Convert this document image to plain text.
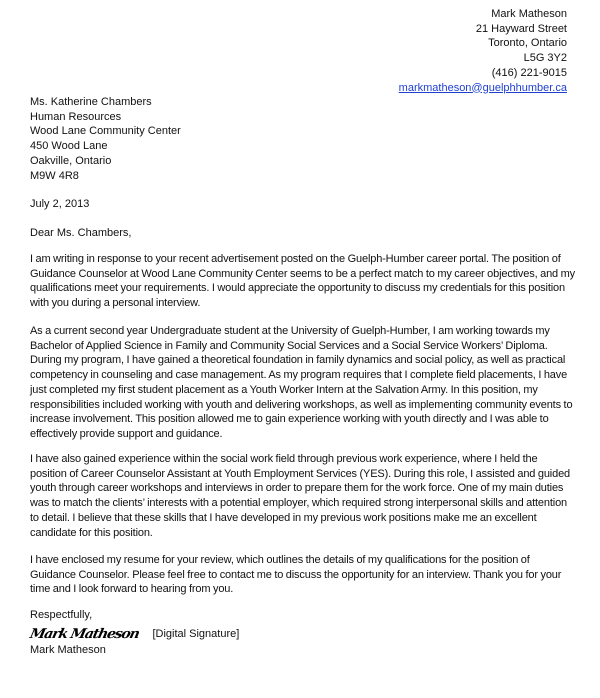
Mark Matheson
21 Hayward Street
Toronto, Ontario
L5G 3Y2
(416) 221-9015
markmatheson@guelphhumber.ca
Ms. Katherine Chambers
Human Resources
Wood Lane Community Center
450 Wood Lane
Oakville, Ontario
M9W 4R8
July 2, 2013
Dear Ms. Chambers,
I am writing in response to your recent advertisement posted on the Guelph-Humber career portal. The position of Guidance Counselor at Wood Lane Community Center seems to be a perfect match to my career objectives, and my qualifications meet your requirements. I would appreciate the opportunity to discuss my credentials for this position with you during a personal interview.
As a current second year Undergraduate student at the University of Guelph-Humber, I am working towards my Bachelor of Applied Science in Family and Community Social Services and a Social Service Workers’ Diploma. During my program, I have gained a theoretical foundation in family dynamics and social policy, as well as practical competency in counseling and case management. As my program requires that I complete field placements, I have just completed my first student placement as a Youth Worker Intern at the Salvation Army. In this position, my responsibilities included working with youth and delivering workshops, as well as implementing community events to increase involvement. This position allowed me to gain experience working with youth directly and I was able to effectively provide support and guidance.
I have also gained experience within the social work field through previous work experience, where I held the position of Career Counselor Assistant at Youth Employment Services (YES). During this role, I assisted and guided youth through career workshops and interviews in order to prepare them for the work force. One of my main duties was to match the clients’ interests with a potential employer, which required strong interpersonal skills and attention to detail. I believe that these skills that I have developed in my previous work positions make me an excellent candidate for this position.
I have enclosed my resume for your review, which outlines the details of my qualifications for the position of Guidance Counselor. Please feel free to contact me to discuss the opportunity for an interview. Thank you for your time and I look forward to hearing from you.
Respectfully,
Mark Matheson [Digital Signature]
Mark Matheson
